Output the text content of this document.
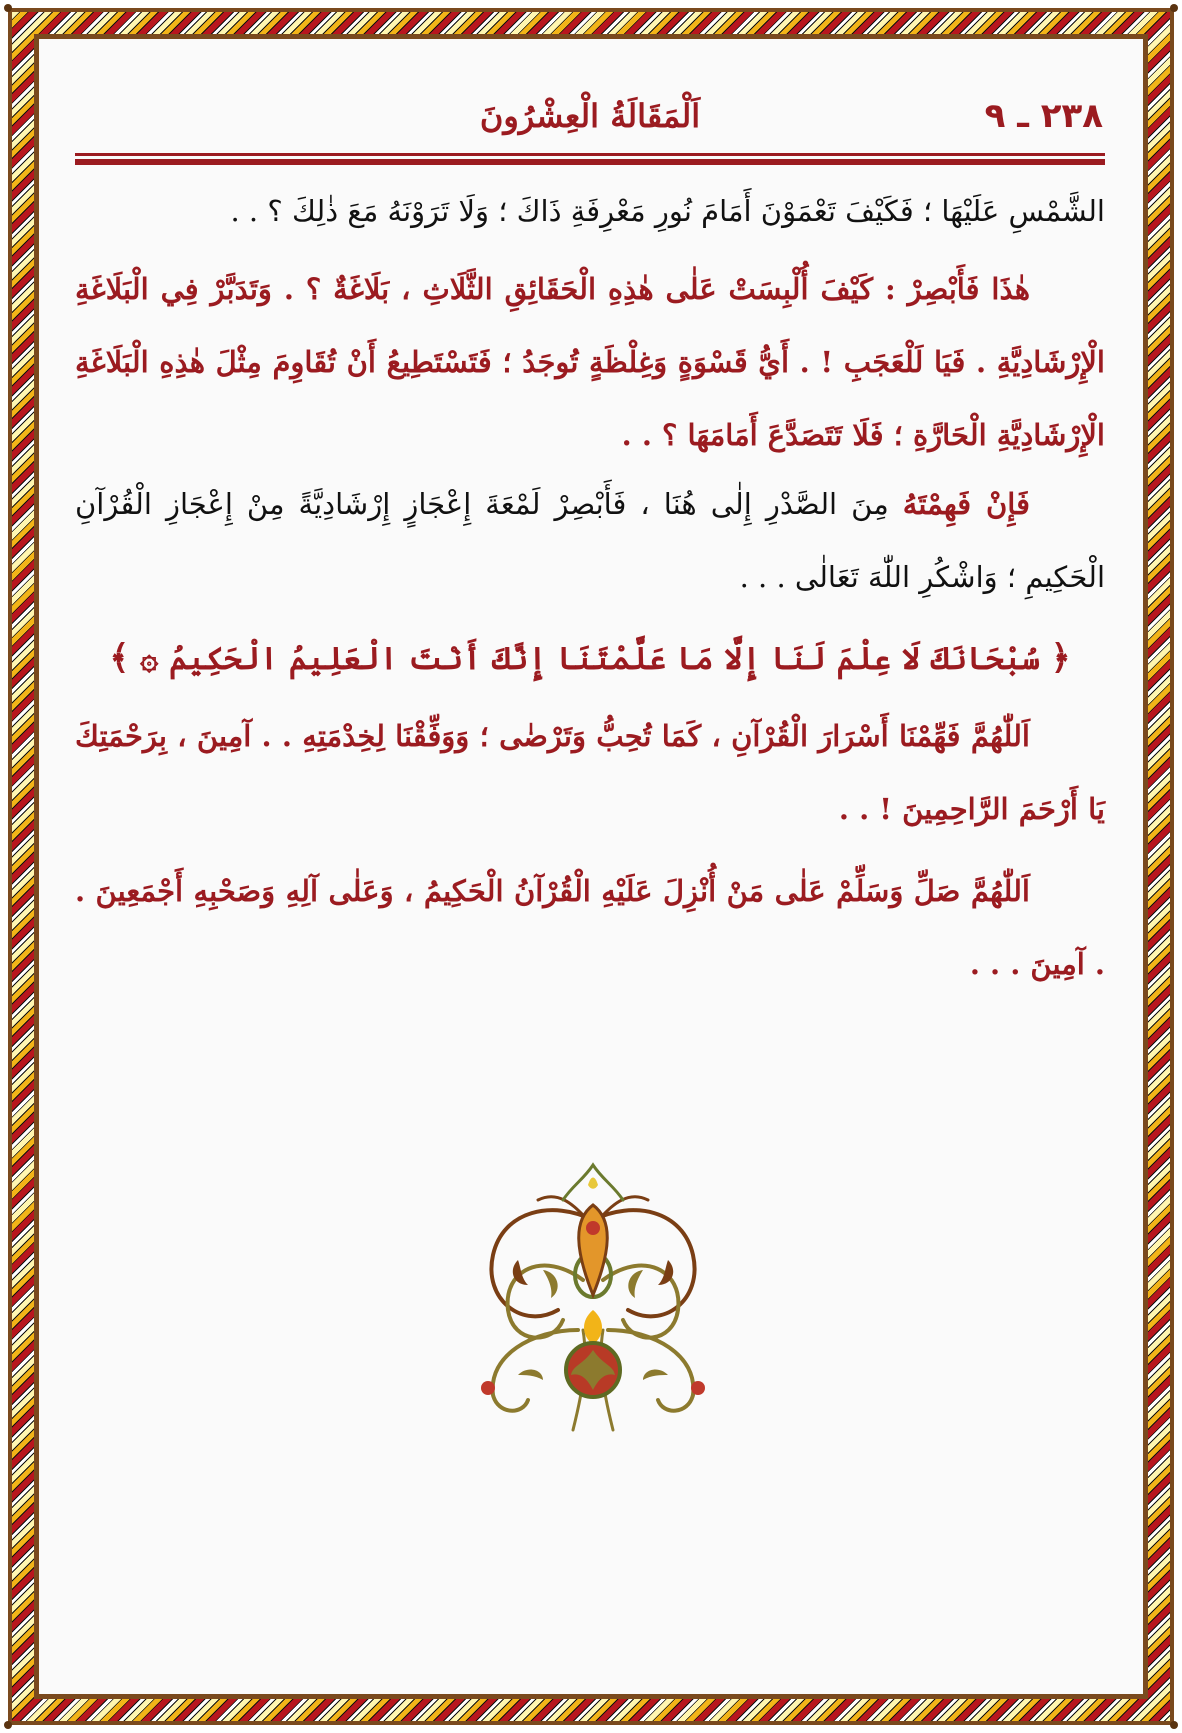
٢٣٨ ـ ٩
اَلْمَقَالَةُ الْعِشْرُونَ

الشَّمْسِ عَلَيْهَا ؛ فَكَيْفَ تَعْمَوْنَ أَمَامَ نُورِ مَعْرِفَةِ ذَاكَ ؛ وَلَا تَرَوْنَهُ مَعَ ذٰلِكَ ؟ . .

هٰذَا فَأَبْصِرْ : كَيْفَ أُلْبِسَتْ عَلٰى هٰذِهِ الْحَقَائِقِ الثَّلَاثِ ، بَلَاغَةٌ ؟ . وَتَدَبَّرْ فِي الْبَلَاغَةِ الْإِرْشَادِيَّةِ . فَيَا لَلْعَجَبِ ! . أَيُّ قَسْوَةٍ وَغِلْظَةٍ تُوجَدُ ؛ فَتَسْتَطِيعُ أَنْ تُقَاوِمَ مِثْلَ هٰذِهِ الْبَلَاغَةِ الْإِرْشَادِيَّةِ الْحَارَّةِ ؛ فَلَا تَتَصَدَّعَ أَمَامَهَا ؟ . .

فَإِنْ فَهِمْتَهُ مِنَ الصَّدْرِ إِلٰى هُنَا ، فَأَبْصِرْ لَمْعَةَ إِعْجَازٍ إِرْشَادِيَّةً مِنْ إِعْجَازِ الْقُرْآنِ الْحَكِيمِ ؛ وَاشْكُرِ اللّٰهَ تَعَالٰى . . .

﴿ سُبْحَانَكَ لَا عِلْمَ لَنَا إِلَّا مَا عَلَّمْتَنَا إِنَّكَ أَنْتَ الْعَلِيمُ الْحَكِيمُ ۞ ﴾

اَللّٰهُمَّ فَهِّمْنَا أَسْرَارَ الْقُرْآنِ ، كَمَا تُحِبُّ وَتَرْضٰى ؛ وَوَفِّقْنَا لِخِدْمَتِهِ . . آمِينَ ، بِرَحْمَتِكَ يَا أَرْحَمَ الرَّاحِمِينَ ! . .

اَللّٰهُمَّ صَلِّ وَسَلِّمْ عَلٰى مَنْ أُنْزِلَ عَلَيْهِ الْقُرْآنُ الْحَكِيمُ ، وَعَلٰى آلِهِ وَصَحْبِهِ أَجْمَعِينَ . . آمِينَ . . .
